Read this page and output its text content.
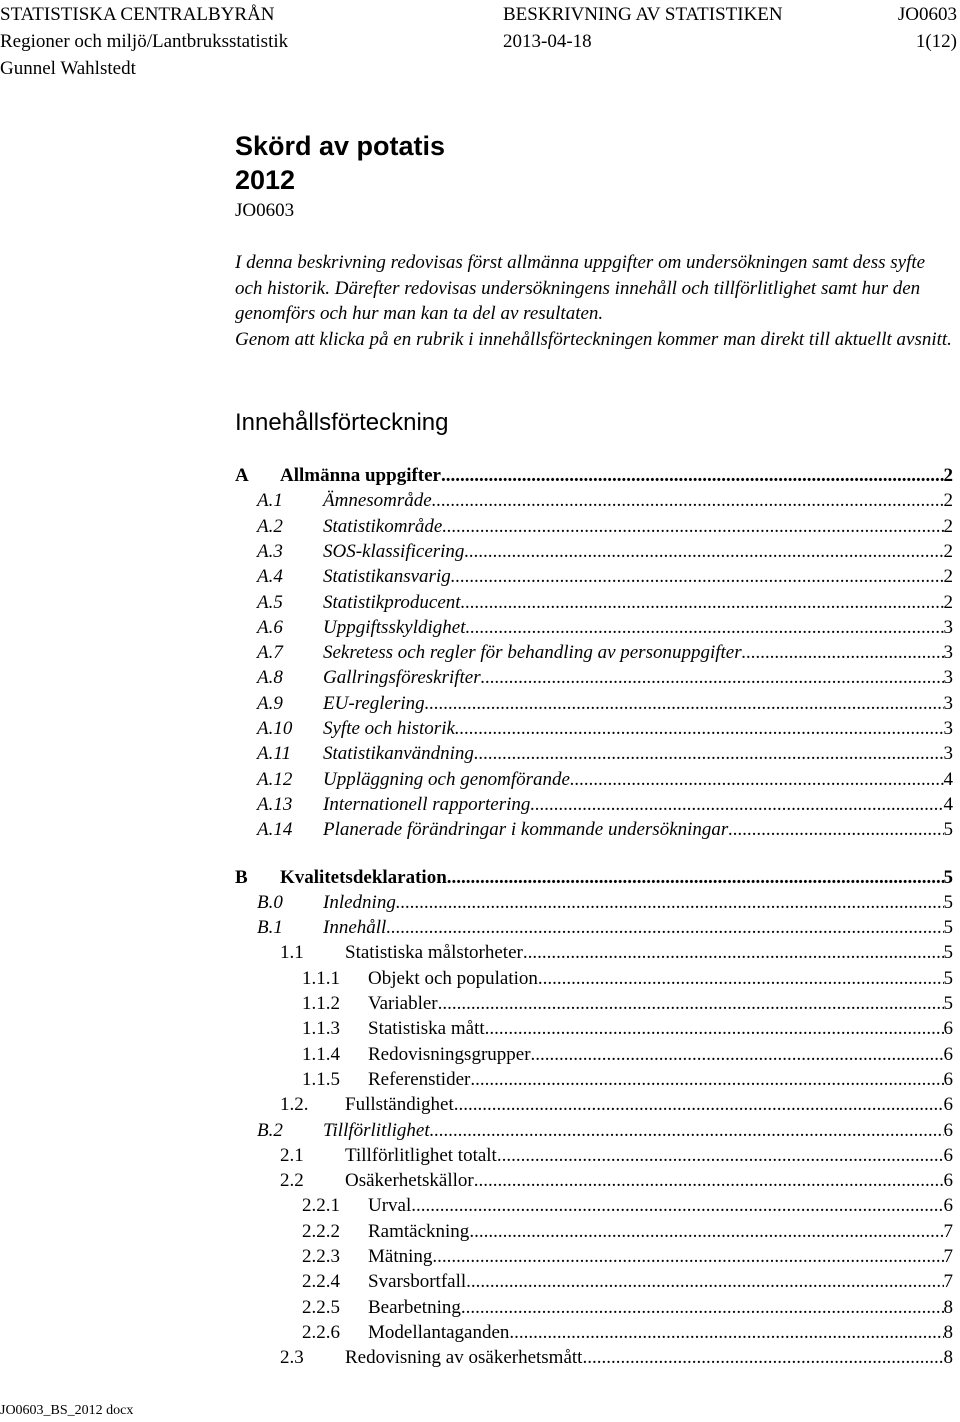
STATISTISKA CENTRALBYRÅN
Regioner och miljö/Lantbruksstatistik
Gunnel Wahlstedt
BESKRIVNING AV STATISTIKEN
2013-04-18
JO0603
1(12)
Skörd av potatis
2012
JO0603

I denna beskrivning redovisas först allmänna uppgifter om undersökningen samt dess syfte och historik. Därefter redovisas undersökningens innehåll och tillförlitlighet samt hur den genomförs och hur man kan ta del av resultaten.

Genom att klicka på en rubrik i innehållsförteckningen kommer man direkt till aktuellt avsnitt.

Innehållsförteckning
A Allmänna uppgifter .....	2
A.1 Ämnesområde .....	2
A.2 Statistikområde .....	2
A.3 SOS-klassificering .....	2
A.4 Statistikansvarig .....	2
A.5 Statistikproducent .....	2
A.6 Uppgiftsskyldighet .....	3
A.7 Sekretess och regler för behandling av personuppgifter .....	3
A.8 Gallringsföreskrifter .....	3
A.9 EU-reglering .....	3
A.10 Syfte och historik .....	3
A.11 Statistikanvändning .....	3
A.12 Uppläggning och genomförande .....	4
A.13 Internationell rapportering .....	4
A.14 Planerade förändringar i kommande undersökningar .....	5
B Kvalitetsdeklaration .....	5
B.0 Inledning .....	5
B.1 Innehåll .....	5
1.1 Statistiska målstorheter .....	5
1.1.1 Objekt och population .....	5
1.1.2 Variabler .....	5
1.1.3 Statistiska mått .....	6
1.1.4 Redovisningsgrupper .....	6
1.1.5 Referenstider .....	6
1.2. Fullständighet .....	6
B.2 Tillförlitlighet .....	6
2.1 Tillförlitlighet totalt .....	6
2.2 Osäkerhetskällor .....	6
2.2.1 Urval .....	6
2.2.2 Ramtäckning .....	7
2.2.3 Mätning .....	7
2.2.4 Svarsbortfall .....	7
2.2.5 Bearbetning .....	8
2.2.6 Modellantaganden .....	8
2.3 Redovisning av osäkerhetsmått .....	8
JO0603_BS_2012 docx
